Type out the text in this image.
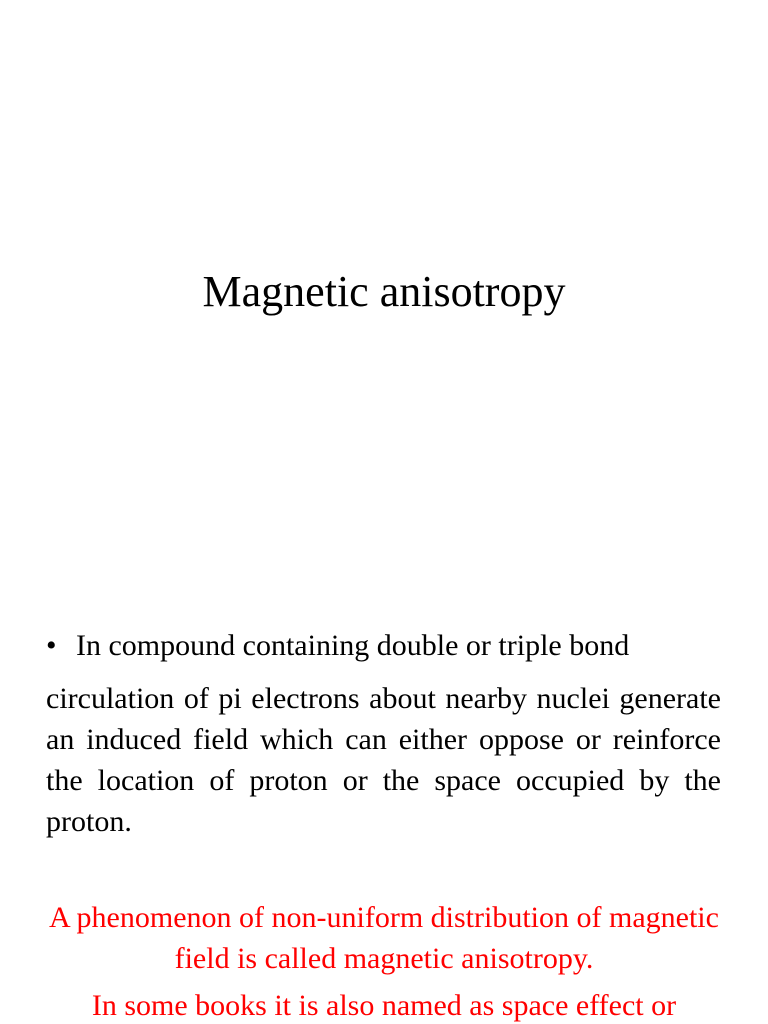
Magnetic anisotropy
• In compound containing double or triple bond
circulation of pi electrons about nearby nuclei generate an induced field which can either oppose or reinforce the location of proton or the space occupied by the proton.
A phenomenon of non-uniform distribution of magnetic field is called magnetic anisotropy.
In some books it is also named as space effect or
